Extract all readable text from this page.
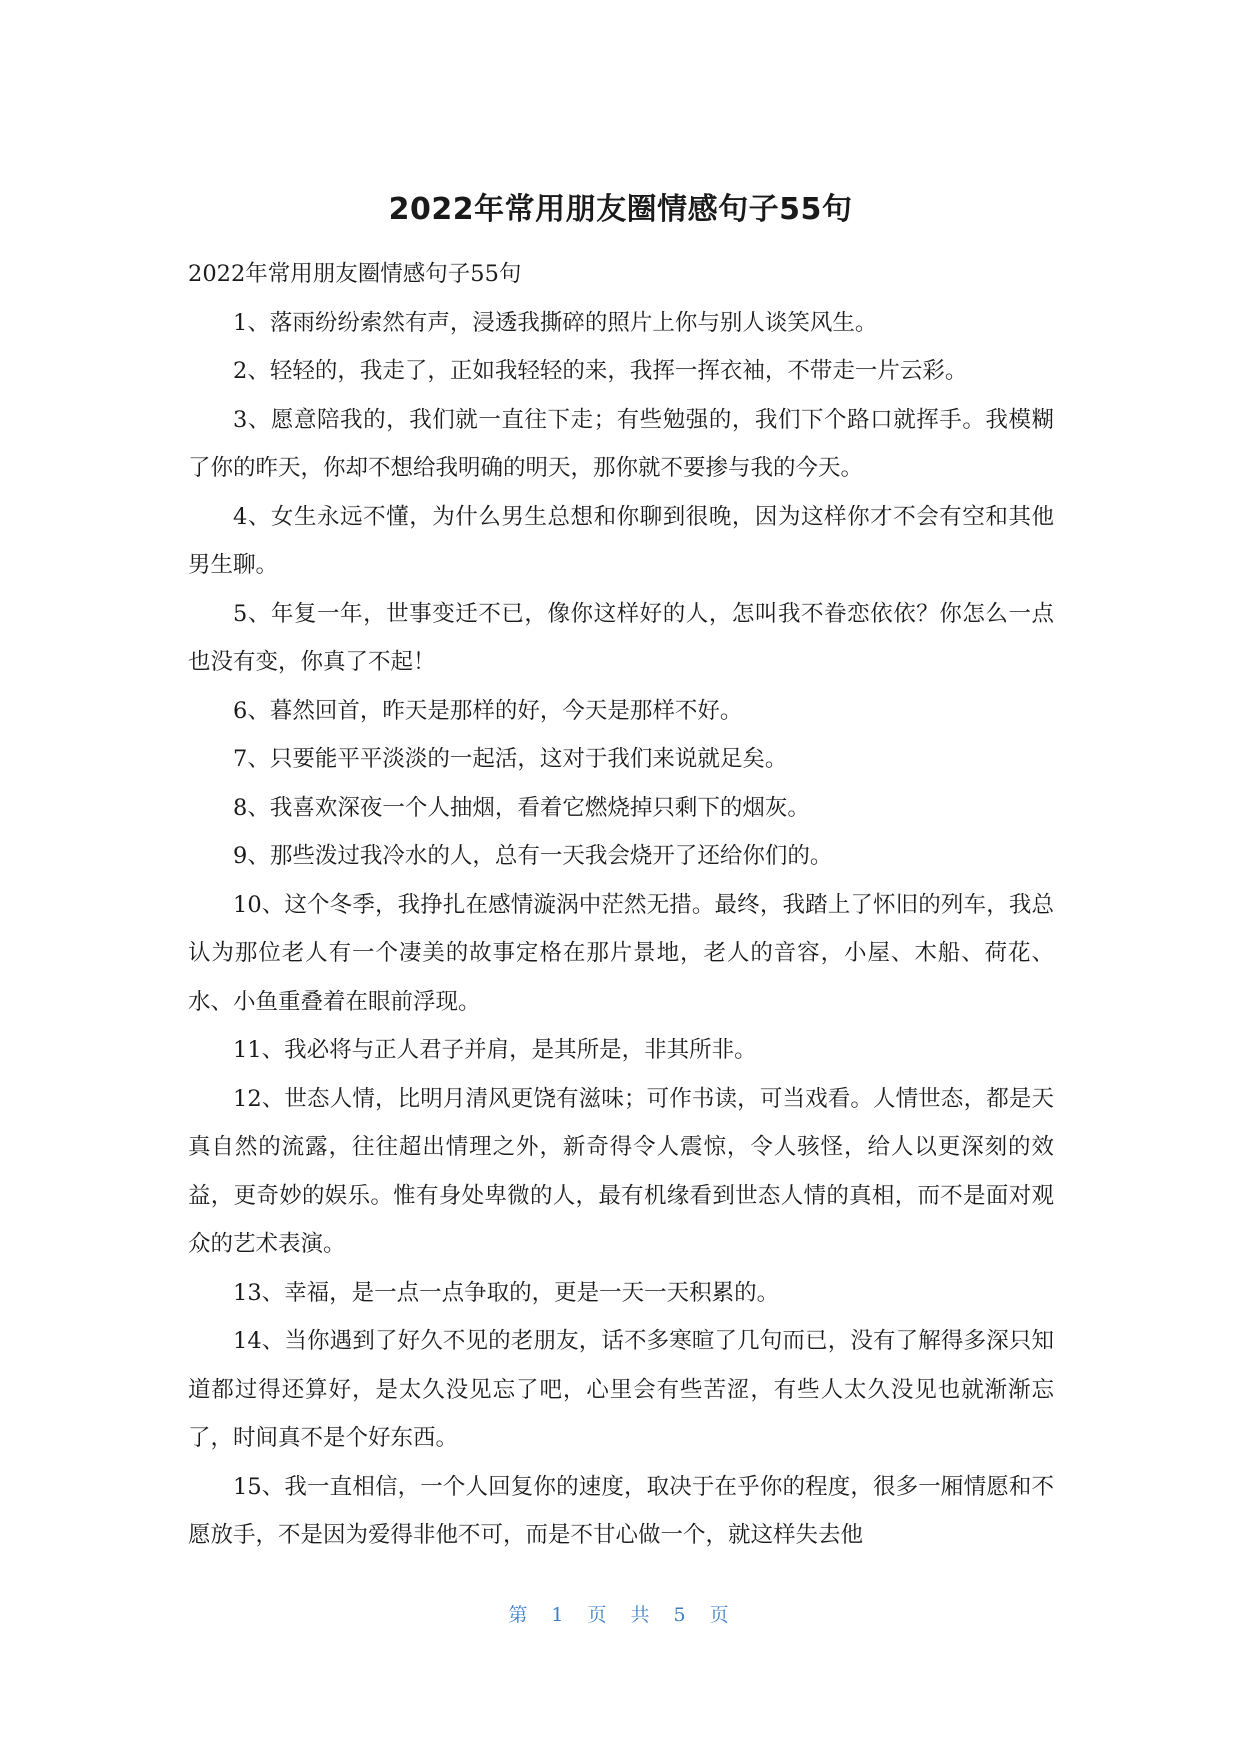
2022年常用朋友圈情感句子55句

2022年常用朋友圈情感句子55句

1、落雨纷纷索然有声，浸透我撕碎的照片上你与别人谈笑风生。

2、轻轻的，我走了，正如我轻轻的来，我挥一挥衣袖，不带走一片云彩。

3、愿意陪我的，我们就一直往下走；有些勉强的，我们下个路口就挥手。我模糊了你的昨天，你却不想给我明确的明天，那你就不要掺与我的今天。

4、女生永远不懂，为什么男生总想和你聊到很晚，因为这样你才不会有空和其他男生聊。

5、年复一年，世事变迁不已，像你这样好的人，怎叫我不眷恋依依？你怎么一点也没有变，你真了不起！

6、暮然回首，昨天是那样的好，今天是那样不好。

7、只要能平平淡淡的一起活，这对于我们来说就足矣。

8、我喜欢深夜一个人抽烟，看着它燃烧掉只剩下的烟灰。

9、那些泼过我冷水的人，总有一天我会烧开了还给你们的。

10、这个冬季，我挣扎在感情漩涡中茫然无措。最终，我踏上了怀旧的列车，我总认为那位老人有一个凄美的故事定格在那片景地，老人的音容，小屋、木船、荷花、水、小鱼重叠着在眼前浮现。

11、我必将与正人君子并肩，是其所是，非其所非。

12、世态人情，比明月清风更饶有滋味；可作书读，可当戏看。人情世态，都是天真自然的流露，往往超出情理之外，新奇得令人震惊，令人骇怪，给人以更深刻的效益，更奇妙的娱乐。惟有身处卑微的人，最有机缘看到世态人情的真相，而不是面对观众的艺术表演。

13、幸福，是一点一点争取的，更是一天一天积累的。

14、当你遇到了好久不见的老朋友，话不多寒暄了几句而已，没有了解得多深只知道都过得还算好，是太久没见忘了吧，心里会有些苦涩，有些人太久没见也就渐渐忘了，时间真不是个好东西。

15、我一直相信，一个人回复你的速度，取决于在乎你的程度，很多一厢情愿和不愿放手，不是因为爱得非他不可，而是不甘心做一个，就这样失去他

第 1 页 共 5 页
